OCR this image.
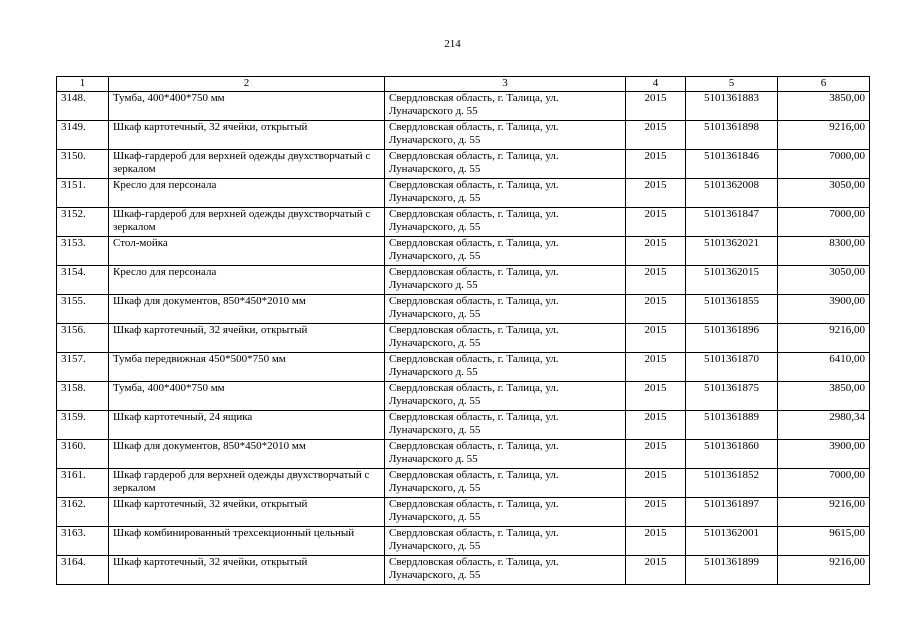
214
1	2	3	4	5	6
3148.	Тумба, 400*400*750 мм	Свердловская область, г. Талица, ул. Луначарского д. 55	2015	5101361883	3850,00
3149.	Шкаф картотечный, 32 ячейки, открытый	Свердловская область, г. Талица, ул. Луначарского, д. 55	2015	5101361898	9216,00
3150.	Шкаф-гардероб для верхней одежды двухстворчатый с зеркалом	Свердловская область, г. Талица, ул. Луначарского, д. 55	2015	5101361846	7000,00
3151.	Кресло для персонала	Свердловская область, г. Талица, ул. Луначарского, д. 55	2015	5101362008	3050,00
3152.	Шкаф-гардероб для верхней одежды двухстворчатый с зеркалом	Свердловская область, г. Талица, ул. Луначарского, д. 55	2015	5101361847	7000,00
3153.	Стол-мойка	Свердловская область, г. Талица, ул. Луначарского, д. 55	2015	5101362021	8300,00
3154.	Кресло для персонала	Свердловская область, г. Талица, ул. Луначарского д. 55	2015	5101362015	3050,00
3155.	Шкаф для документов, 850*450*2010 мм	Свердловская область, г. Талица, ул. Луначарского, д. 55	2015	5101361855	3900,00
3156.	Шкаф картотечный, 32 ячейки, открытый	Свердловская область, г. Талица, ул. Луначарского, д. 55	2015	5101361896	9216,00
3157.	Тумба передвижная 450*500*750 мм	Свердловская область, г. Талица, ул. Луначарского д. 55	2015	5101361870	6410,00
3158.	Тумба, 400*400*750 мм	Свердловская область, г. Талица, ул. Луначарского, д. 55	2015	5101361875	3850,00
3159.	Шкаф картотечный, 24 ящика	Свердловская область, г. Талица, ул. Луначарского, д. 55	2015	5101361889	2980,34
3160.	Шкаф для документов, 850*450*2010 мм	Свердловская область, г. Талица, ул. Луначарского д. 55	2015	5101361860	3900,00
3161.	Шкаф гардероб для верхней одежды двухстворчатый с зеркалом	Свердловская область, г. Талица, ул. Луначарского, д. 55	2015	5101361852	7000,00
3162.	Шкаф картотечный, 32 ячейки, открытый	Свердловская область, г. Талица, ул. Луначарского, д. 55	2015	5101361897	9216,00
3163.	Шкаф комбинированный трехсекционный цельный	Свердловская область, г. Талица, ул. Луначарского, д. 55	2015	5101362001	9615,00
3164.	Шкаф картотечный, 32 ячейки, открытый	Свердловская область, г. Талица, ул. Луначарского, д. 55	2015	5101361899	9216,00
